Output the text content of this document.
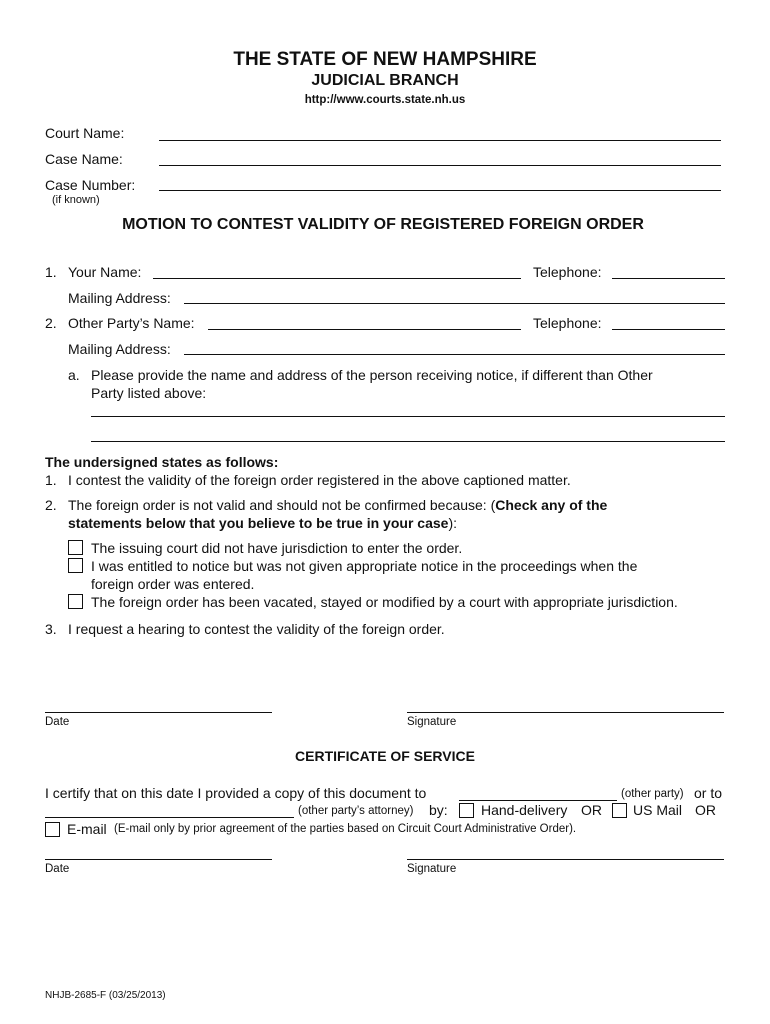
THE STATE OF NEW HAMPSHIRE
JUDICIAL BRANCH
http://www.courts.state.nh.us
Court Name:
Case Name:
Case Number:
(if known)
MOTION TO CONTEST VALIDITY OF REGISTERED FOREIGN ORDER
1. Your Name:	Telephone:
Mailing Address:
2. Other Party’s Name:	Telephone:
Mailing Address:
a. Please provide the name and address of the person receiving notice, if different than Other
Party listed above:
The undersigned states as follows:
1. I contest the validity of the foreign order registered in the above captioned matter.
2. The foreign order is not valid and should not be confirmed because: (Check any of the
statements below that you believe to be true in your case):
The issuing court did not have jurisdiction to enter the order.
I was entitled to notice but was not given appropriate notice in the proceedings when the
foreign order was entered.
The foreign order has been vacated, stayed or modified by a court with appropriate jurisdiction.
3. I request a hearing to contest the validity of the foreign order.
Date	Signature
CERTIFICATE OF SERVICE
I certify that on this date I provided a copy of this document to	(other party) or to
(other party’s attorney) by: Hand-delivery OR US Mail OR
E-mail (E-mail only by prior agreement of the parties based on Circuit Court Administrative Order).
Date	Signature
NHJB-2685-F (03/25/2013)
